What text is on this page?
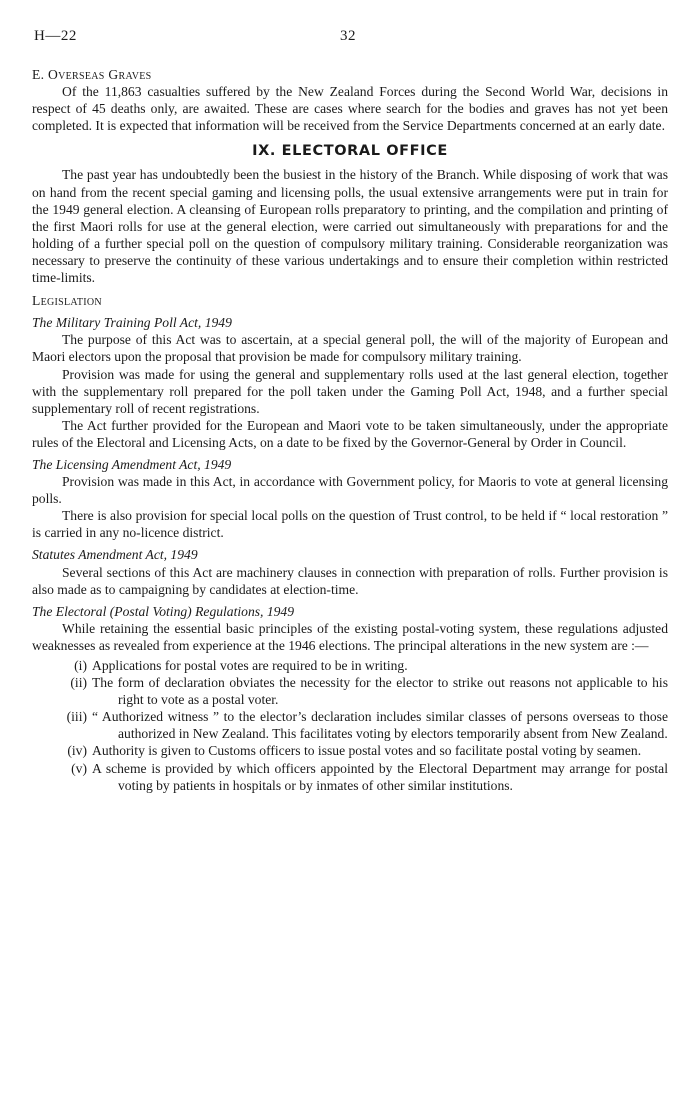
H—22	32
E. Overseas Graves

Of the 11,863 casualties suffered by the New Zealand Forces during the Second World War, decisions in respect of 45 deaths only, are awaited. These are cases where search for the bodies and graves has not yet been completed. It is expected that information will be received from the Service Departments concerned at an early date.

IX. ELECTORAL OFFICE

The past year has undoubtedly been the busiest in the history of the Branch. While disposing of work that was on hand from the recent special gaming and licensing polls, the usual extensive arrangements were put in train for the 1949 general election. A cleansing of European rolls preparatory to printing, and the compilation and printing of the first Maori rolls for use at the general election, were carried out simultaneously with preparations for and the holding of a further special poll on the question of compulsory military training. Considerable reorganization was necessary to preserve the continuity of these various undertakings and to ensure their completion within restricted time-limits.

Legislation
The Military Training Poll Act, 1949

The purpose of this Act was to ascertain, at a special general poll, the will of the majority of European and Maori electors upon the proposal that provision be made for compulsory military training.

Provision was made for using the general and supplementary rolls used at the last general election, together with the supplementary roll prepared for the poll taken under the Gaming Poll Act, 1948, and a further special supplementary roll of recent registrations.

The Act further provided for the European and Maori vote to be taken simultaneously, under the appropriate rules of the Electoral and Licensing Acts, on a date to be fixed by the Governor-General by Order in Council.

The Licensing Amendment Act, 1949

Provision was made in this Act, in accordance with Government policy, for Maoris to vote at general licensing polls.

There is also provision for special local polls on the question of Trust control, to be held if “ local restoration ” is carried in any no-licence district.

Statutes Amendment Act, 1949

Several sections of this Act are machinery clauses in connection with preparation of rolls. Further provision is also made as to campaigning by candidates at election-time.

The Electoral (Postal Voting) Regulations, 1949

While retaining the essential basic principles of the existing postal-voting system, these regulations adjusted weaknesses as revealed from experience at the 1946 elections. The principal alterations in the new system are :—

(i) Applications for postal votes are required to be in writing.
(ii) The form of declaration obviates the necessity for the elector to strike out reasons not applicable to his right to vote as a postal voter.
(iii) “ Authorized witness ” to the elector’s declaration includes similar classes of persons overseas to those authorized in New Zealand. This facilitates voting by electors temporarily absent from New Zealand.
(iv) Authority is given to Customs officers to issue postal votes and so facilitate postal voting by seamen.
(v) A scheme is provided by which officers appointed by the Electoral Department may arrange for postal voting by patients in hospitals or by inmates of other similar institutions.
